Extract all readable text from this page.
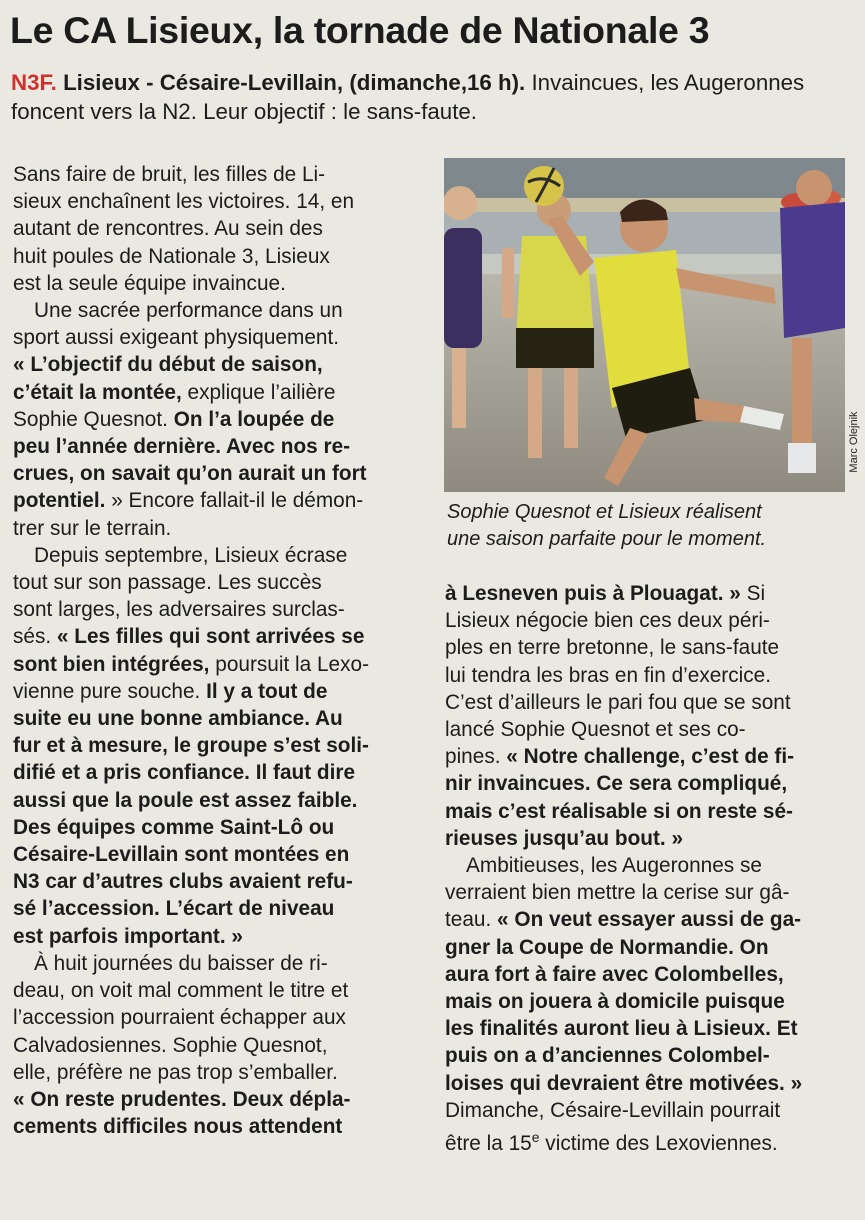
Le CA Lisieux, la tornade de Nationale 3

N3F. Lisieux - Césaire-Levillain, (dimanche,16 h). Invaincues, les Augeronnes foncent vers la N2. Leur objectif : le sans-faute.

Sans faire de bruit, les filles de Li-
sieux enchaînent les victoires. 14, en
autant de rencontres. Au sein des
huit poules de Nationale 3, Lisieux
est la seule équipe invaincue.

Une sacrée performance dans un
sport aussi exigeant physiquement.
« L’objectif du début de saison,
c’était la montée, explique l’ailière
Sophie Quesnot. On l’a loupée de
peu l’année dernière. Avec nos re-
crues, on savait qu’on aurait un fort
potentiel. » Encore fallait-il le démon-
trer sur le terrain.

Depuis septembre, Lisieux écrase
tout sur son passage. Les succès
sont larges, les adversaires surclas-
sés. « Les filles qui sont arrivées se
sont bien intégrées, poursuit la Lexo-
vienne pure souche. Il y a tout de
suite eu une bonne ambiance. Au
fur et à mesure, le groupe s’est soli-
difié et a pris confiance. Il faut dire
aussi que la poule est assez faible.
Des équipes comme Saint-Lô ou
Césaire-Levillain sont montées en
N3 car d’autres clubs avaient refu-
sé l’accession. L’écart de niveau
est parfois important. »

À huit journées du baisser de ri-
deau, on voit mal comment le titre et
l’accession pourraient échapper aux
Calvadosiennes. Sophie Quesnot,
elle, préfère ne pas trop s’emballer.
« On reste prudentes. Deux dépla-
cements difficiles nous attendent

Marc Olejnik
Sophie Quesnot et Lisieux réalisent
une saison parfaite pour le moment.

à Lesneven puis à Plouagat. » Si
Lisieux négocie bien ces deux péri-
ples en terre bretonne, le sans-faute
lui tendra les bras en fin d’exercice.
C’est d’ailleurs le pari fou que se sont
lancé Sophie Quesnot et ses co-
pines. « Notre challenge, c’est de fi-
nir invaincues. Ce sera compliqué,
mais c’est réalisable si on reste sé-
rieuses jusqu’au bout. »

Ambitieuses, les Augeronnes se
verraient bien mettre la cerise sur gâ-
teau. « On veut essayer aussi de ga-
gner la Coupe de Normandie. On
aura fort à faire avec Colombelles,
mais on jouera à domicile puisque
les finalités auront lieu à Lisieux. Et
puis on a d’anciennes Colombel-
loises qui devraient être motivées. »
Dimanche, Césaire-Levillain pourrait
être la 15e victime des Lexoviennes.
